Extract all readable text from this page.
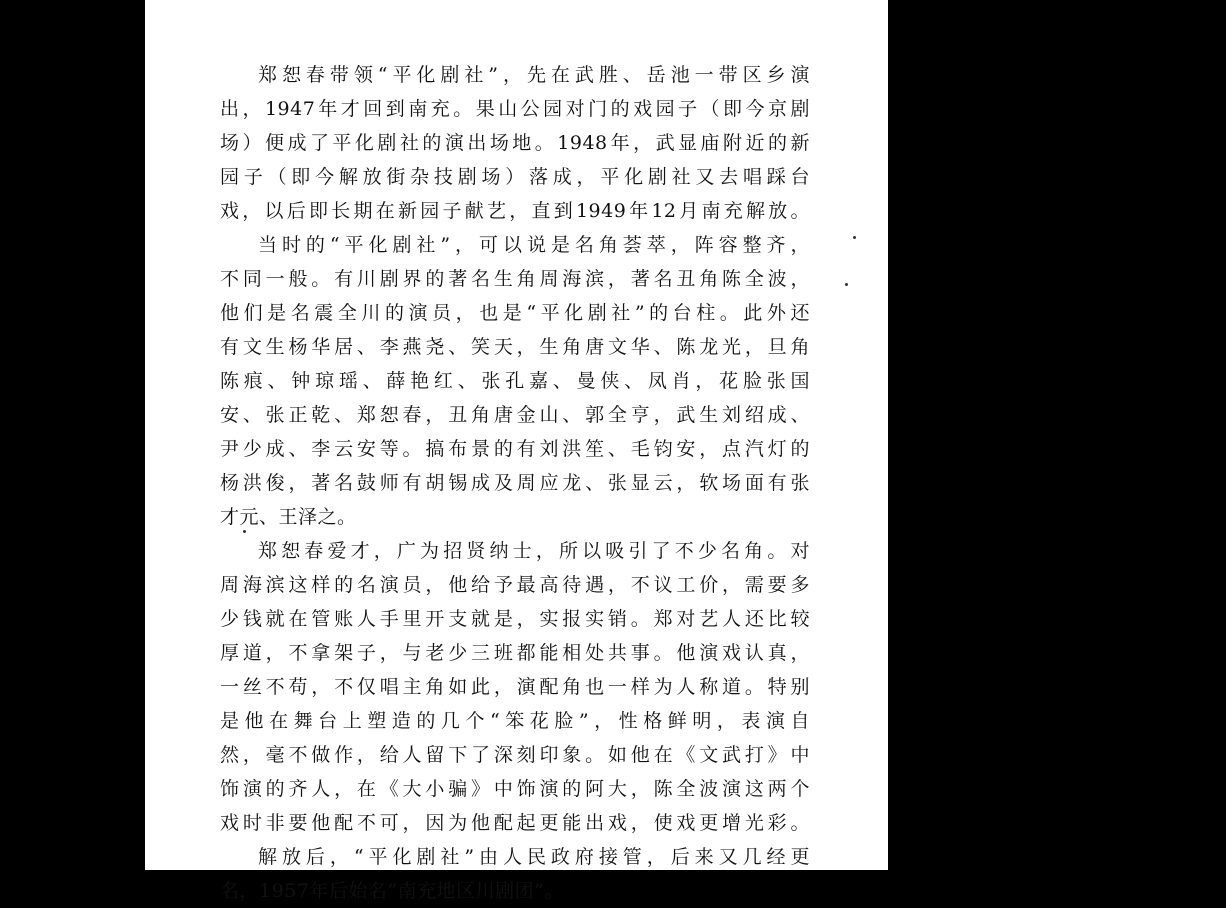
郑恕春带领“平化剧社”，先在武胜、岳池一带区乡演
出，1947年才回到南充。果山公园对门的戏园子（即今京剧
场）便成了平化剧社的演出场地。1948年，武显庙附近的新
园子（即今解放街杂技剧场）落成，平化剧社又去唱踩台
戏，以后即长期在新园子献艺，直到1949年12月南充解放。
当时的“平化剧社”，可以说是名角荟萃，阵容整齐，
不同一般。有川剧界的著名生角周海滨，著名丑角陈全波，
他们是名震全川的演员，也是“平化剧社”的台柱。此外还
有文生杨华居、李燕尧、笑天，生角唐文华、陈龙光，旦角
陈痕、钟琼瑶、薛艳红、张孔嘉、曼侠、凤肖，花脸张国
安、张正乾、郑恕春，丑角唐金山、郭全亨，武生刘绍成、
尹少成、李云安等。搞布景的有刘洪笙、毛钧安，点汽灯的
杨洪俊，著名鼓师有胡锡成及周应龙、张显云，软场面有张
才元、王泽之。
郑恕春爱才，广为招贤纳士，所以吸引了不少名角。对
周海滨这样的名演员，他给予最高待遇，不议工价，需要多
少钱就在管账人手里开支就是，实报实销。郑对艺人还比较
厚道，不拿架子，与老少三班都能相处共事。他演戏认真，
一丝不苟，不仅唱主角如此，演配角也一样为人称道。特别
是他在舞台上塑造的几个“笨花脸”，性格鲜明，表演自
然，毫不做作，给人留下了深刻印象。如他在《文武打》中
饰演的齐人，在《大小骗》中饰演的阿大，陈全波演这两个
戏时非要他配不可，因为他配起更能出戏，使戏更增光彩。
解放后，“平化剧社”由人民政府接管，后来又几经更
名，1957年后始名“南充地区川剧团”。
